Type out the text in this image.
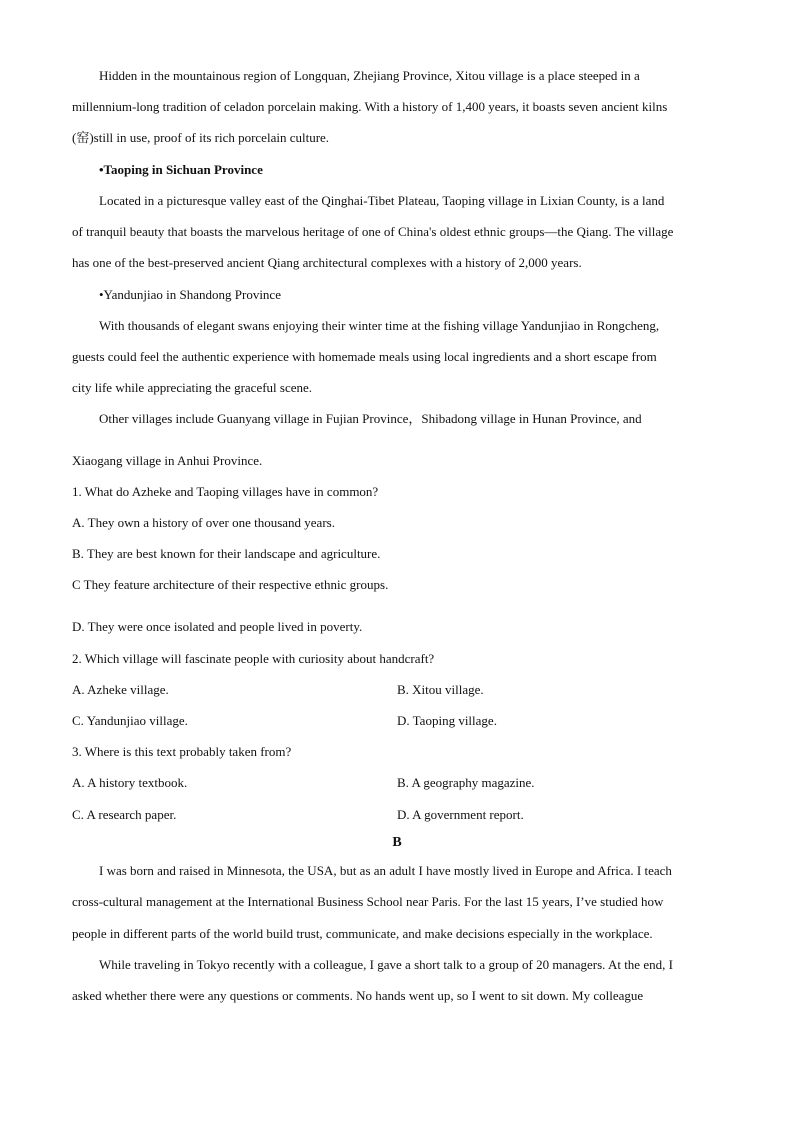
Hidden in the mountainous region of Longquan, Zhejiang Province, Xitou village is a place steeped in a
millennium-long tradition of celadon porcelain making. With a history of 1,400 years, it boasts seven ancient kilns
(窑)still in use, proof of its rich porcelain culture.
•Taoping in Sichuan Province
Located in a picturesque valley east of the Qinghai-Tibet Plateau, Taoping village in Lixian County, is a land
of tranquil beauty that boasts the marvelous heritage of one of China's oldest ethnic groups—the Qiang. The village
has one of the best-preserved ancient Qiang architectural complexes with a history of 2,000 years.
•Yandunjiao in Shandong Province
With thousands of elegant swans enjoying their winter time at the fishing village Yandunjiao in Rongcheng,
guests could feel the authentic experience with homemade meals using local ingredients and a short escape from
city life while appreciating the graceful scene.
Other villages include Guanyang village in Fujian Province，Shibadong village in Hunan Province, and
Xiaogang village in Anhui Province.
1. What do Azheke and Taoping villages have in common?
A. They own a history of over one thousand years.
B. They are best known for their landscape and agriculture.
C They feature architecture of their respective ethnic groups.
D. They were once isolated and people lived in poverty.
2. Which village will fascinate people with curiosity about handcraft?
A. Azheke village.	B. Xitou village.
C. Yandunjiao village.	D. Taoping village.
3. Where is this text probably taken from?
A. A history textbook.	B. A geography magazine.
C. A research paper.	D. A government report.
B
I was born and raised in Minnesota, the USA, but as an adult I have mostly lived in Europe and Africa. I teach
cross-cultural management at the International Business School near Paris. For the last 15 years, I’ve studied how
people in different parts of the world build trust, communicate, and make decisions especially in the workplace.
While traveling in Tokyo recently with a colleague, I gave a short talk to a group of 20 managers. At the end, I
asked whether there were any questions or comments. No hands went up, so I went to sit down. My colleague
